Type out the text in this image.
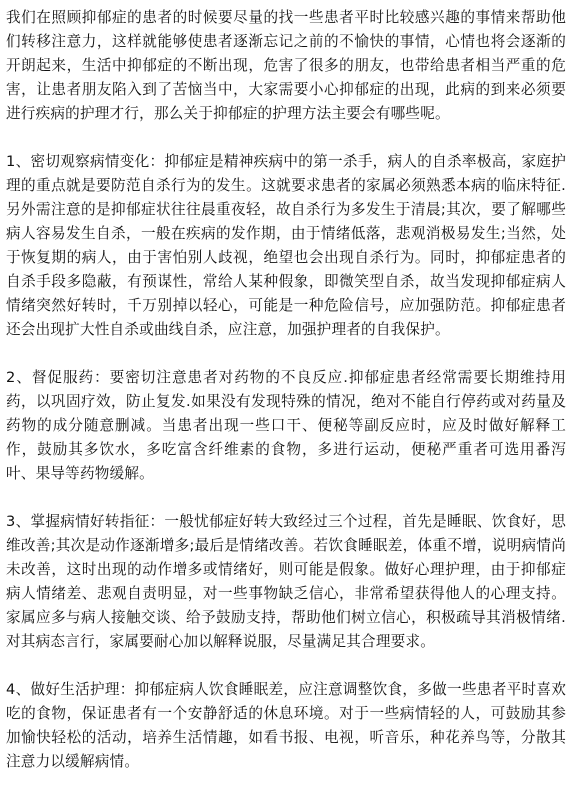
我们在照顾抑郁症的患者的时候要尽量的找一些患者平时比较感兴趣的事情来帮助他们转移注意力，这样就能够使患者逐渐忘记之前的不愉快的事情，心情也将会逐渐的开朗起来，生活中抑郁症的不断出现，危害了很多的朋友，也带给患者相当严重的危害，让患者朋友陷入到了苦恼当中，大家需要小心抑郁症的出现，此病的到来必须要进行疾病的护理才行，那么关于抑郁症的护理方法主要会有哪些呢。

1、密切观察病情变化：抑郁症是精神疾病中的第一杀手，病人的自杀率极高，家庭护理的重点就是要防范自杀行为的发生。这就要求患者的家属必须熟悉本病的临床特征.另外需注意的是抑郁症状往往晨重夜轻，故自杀行为多发生于清晨;其次，要了解哪些病人容易发生自杀，一般在疾病的发作期，由于情绪低落，悲观消极易发生;当然，处于恢复期的病人，由于害怕别人歧视，绝望也会出现自杀行为。同时，抑郁症患者的自杀手段多隐蔽，有预谋性，常给人某种假象，即微笑型自杀，故当发现抑郁症病人情绪突然好转时，千万别掉以轻心，可能是一种危险信号，应加强防范。抑郁症患者还会出现扩大性自杀或曲线自杀，应注意，加强护理者的自我保护。

2、督促服药：要密切注意患者对药物的不良反应.抑郁症患者经常需要长期维持用药，以巩固疗效，防止复发.如果没有发现特殊的情况，绝对不能自行停药或对药量及药物的成分随意删减。当患者出现一些口干、便秘等副反应时，应及时做好解释工作，鼓励其多饮水，多吃富含纤维素的食物，多进行运动，便秘严重者可选用番泻叶、果导等药物缓解。

3、掌握病情好转指征：一般忧郁症好转大致经过三个过程，首先是睡眠、饮食好，思维改善;其次是动作逐渐增多;最后是情绪改善。若饮食睡眠差，体重不增，说明病情尚未改善，这时出现的动作增多或情绪好，则可能是假象。做好心理护理，由于抑郁症病人情绪差、悲观自责明显，对一些事物缺乏信心，非常希望获得他人的心理支持。家属应多与病人接触交谈、给予鼓励支持，帮助他们树立信心，积极疏导其消极情绪.对其病态言行，家属要耐心加以解释说服，尽量满足其合理要求。

4、做好生活护理：抑郁症病人饮食睡眠差，应注意调整饮食，多做一些患者平时喜欢吃的食物，保证患者有一个安静舒适的休息环境。对于一些病情轻的人，可鼓励其参加愉快轻松的活动，培养生活情趣，如看书报、电视，听音乐，种花养鸟等，分散其注意力以缓解病情。
